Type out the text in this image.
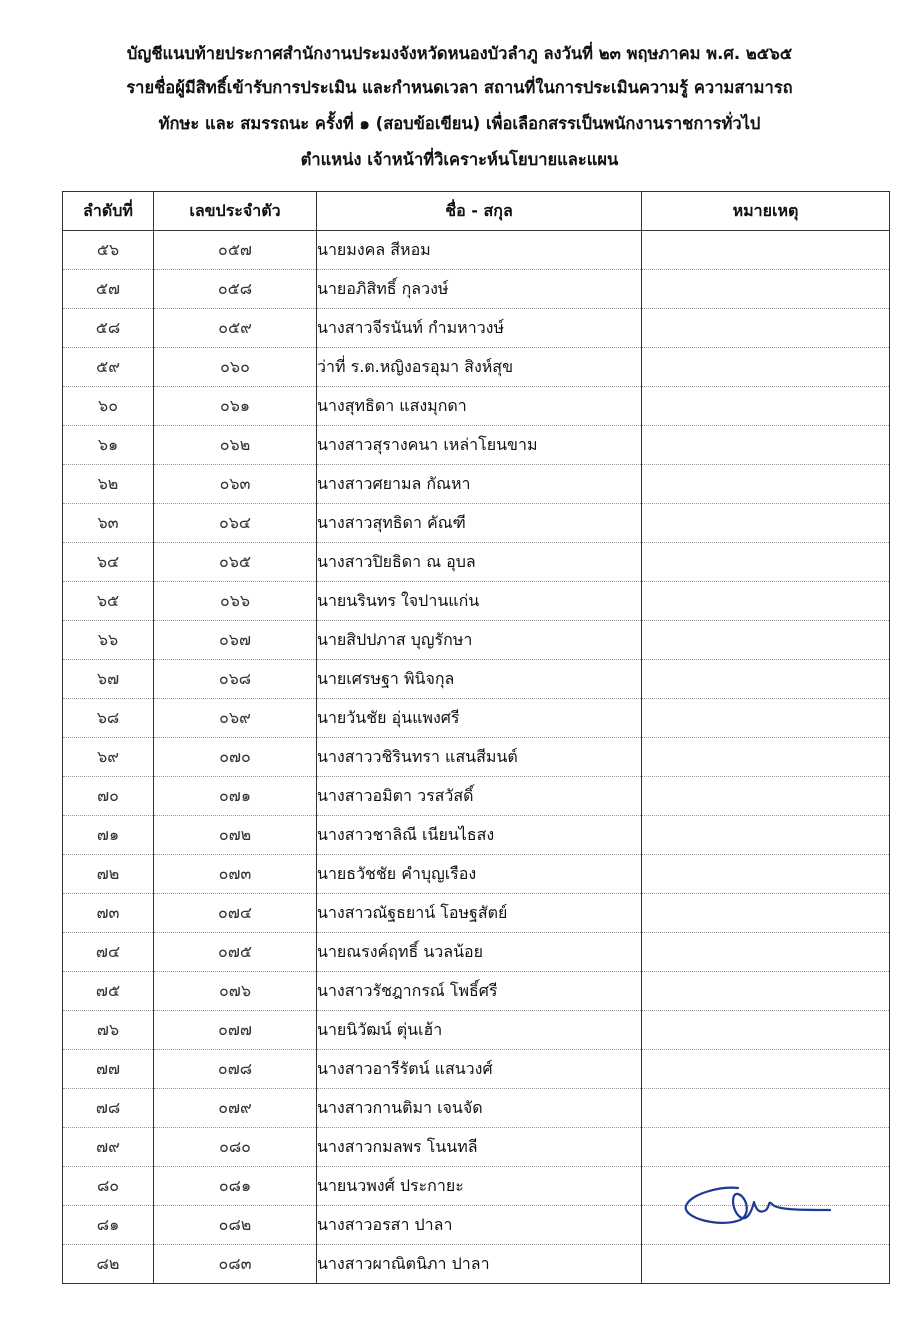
บัญชีแนบท้ายประกาศสำนักงานประมงจังหวัดหนองบัวลำภู ลงวันที่ ๒๓ พฤษภาคม พ.ศ. ๒๕๖๕
รายชื่อผู้มีสิทธิ์เข้ารับการประเมิน และกำหนดเวลา สถานที่ในการประเมินความรู้ ความสามารถ
ทักษะ และ สมรรถนะ ครั้งที่ ๑ (สอบข้อเขียน) เพื่อเลือกสรรเป็นพนักงานราชการทั่วไป
ตำแหน่ง เจ้าหน้าที่วิเคราะห์นโยบายและแผน
ลำดับที่	เลขประจำตัว	ชื่อ - สกุล	หมายเหตุ
๕๖	๐๕๗	นายมงคล สีหอม	
๕๗	๐๕๘	นายอภิสิทธิ์ กุลวงษ์	
๕๘	๐๕๙	นางสาวจีรนันท์ กำมหาวงษ์	
๕๙	๐๖๐	ว่าที่ ร.ต.หญิงอรอุมา สิงห์สุข	
๖๐	๐๖๑	นางสุทธิดา แสงมุกดา	
๖๑	๐๖๒	นางสาวสุรางคนา เหล่าโยนขาม	
๖๒	๐๖๓	นางสาวศยามล กัณหา	
๖๓	๐๖๔	นางสาวสุทธิดา คัณฑี	
๖๔	๐๖๕	นางสาวปิยธิดา ณ อุบล	
๖๕	๐๖๖	นายนรินทร ใจปานแก่น	
๖๖	๐๖๗	นายสิปปภาส บุญรักษา	
๖๗	๐๖๘	นายเศรษฐา พินิจกุล	
๖๘	๐๖๙	นายวันชัย อุ่นแพงศรี	
๖๙	๐๗๐	นางสาววชิรินทรา แสนสีมนต์	
๗๐	๐๗๑	นางสาวอมิตา วรสวัสดิ์	
๗๑	๐๗๒	นางสาวชาลิณี เนียนไธสง	
๗๒	๐๗๓	นายธวัชชัย คำบุญเรือง	
๗๓	๐๗๔	นางสาวณัฐธยาน์ โอษฐสัตย์	
๗๔	๐๗๕	นายณรงค์ฤทธิ์ นวลน้อย	
๗๕	๐๗๖	นางสาวรัชฎากรณ์ โพธิ์ศรี	
๗๖	๐๗๗	นายนิวัฒน์ ตุ่นเฮ้า	
๗๗	๐๗๘	นางสาวอารีรัตน์ แสนวงศ์	
๗๘	๐๗๙	นางสาวกานติมา เจนจัด	
๗๙	๐๘๐	นางสาวกมลพร โนนทลี	
๘๐	๐๘๑	นายนวพงศ์ ประกายะ	
๘๑	๐๘๒	นางสาวอรสา ปาลา	
๘๒	๐๘๓	นางสาวผาณิตนิภา ปาลา	
